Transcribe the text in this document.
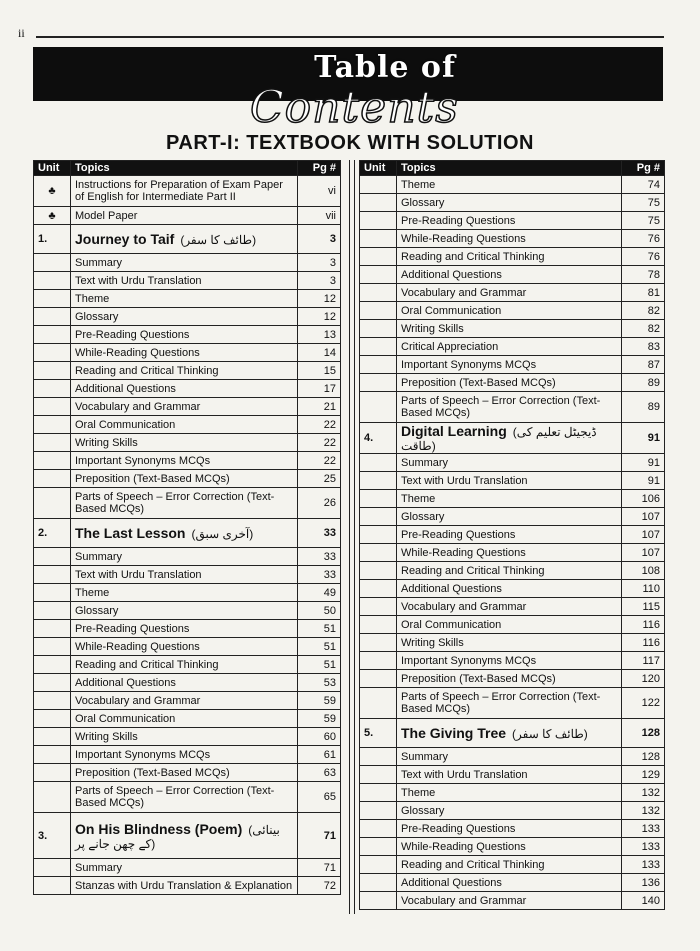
ii
Table of
Contents
PART-I: TEXTBOOK WITH SOLUTION
Unit	Topics	Pg #
♣	Instructions for Preparation of Exam Paper of English for Intermediate Part II	vi
♣	Model Paper	vii
1.	Journey to Taif (طائف کا سفر)	3
	Summary	3
	Text with Urdu Translation	3
	Theme	12
	Glossary	12
	Pre-Reading Questions	13
	While-Reading Questions	14
	Reading and Critical Thinking	15
	Additional Questions	17
	Vocabulary and Grammar	21
	Oral Communication	22
	Writing Skills	22
	Important Synonyms MCQs	22
	Preposition (Text-Based MCQs)	25
	Parts of Speech – Error Correction (Text-Based MCQs)	26
2.	The Last Lesson (آخری سبق)	33
	Summary	33
	Text with Urdu Translation	33
	Theme	49
	Glossary	50
	Pre-Reading Questions	51
	While-Reading Questions	51
	Reading and Critical Thinking	51
	Additional Questions	53
	Vocabulary and Grammar	59
	Oral Communication	59
	Writing Skills	60
	Important Synonyms MCQs	61
	Preposition (Text-Based MCQs)	63
	Parts of Speech – Error Correction (Text-Based MCQs)	65
3.	On His Blindness (Poem) (بینائی کے چھن جانے پر)	71
	Summary	71
	Stanzas with Urdu Translation & Explanation	72
Unit	Topics	Pg #
	Theme	74
	Glossary	75
	Pre-Reading Questions	75
	While-Reading Questions	76
	Reading and Critical Thinking	76
	Additional Questions	78
	Vocabulary and Grammar	81
	Oral Communication	82
	Writing Skills	82
	Critical Appreciation	83
	Important Synonyms MCQs	87
	Preposition (Text-Based MCQs)	89
	Parts of Speech – Error Correction (Text-Based MCQs)	89
4.	Digital Learning (ڈیجیٹل تعلیم کی طاقت)	91
	Summary	91
	Text with Urdu Translation	91
	Theme	106
	Glossary	107
	Pre-Reading Questions	107
	While-Reading Questions	107
	Reading and Critical Thinking	108
	Additional Questions	110
	Vocabulary and Grammar	115
	Oral Communication	116
	Writing Skills	116
	Important Synonyms MCQs	117
	Preposition (Text-Based MCQs)	120
	Parts of Speech – Error Correction (Text-Based MCQs)	122
5.	The Giving Tree (طائف کا سفر)	128
	Summary	128
	Text with Urdu Translation	129
	Theme	132
	Glossary	132
	Pre-Reading Questions	133
	While-Reading Questions	133
	Reading and Critical Thinking	133
	Additional Questions	136
	Vocabulary and Grammar	140
